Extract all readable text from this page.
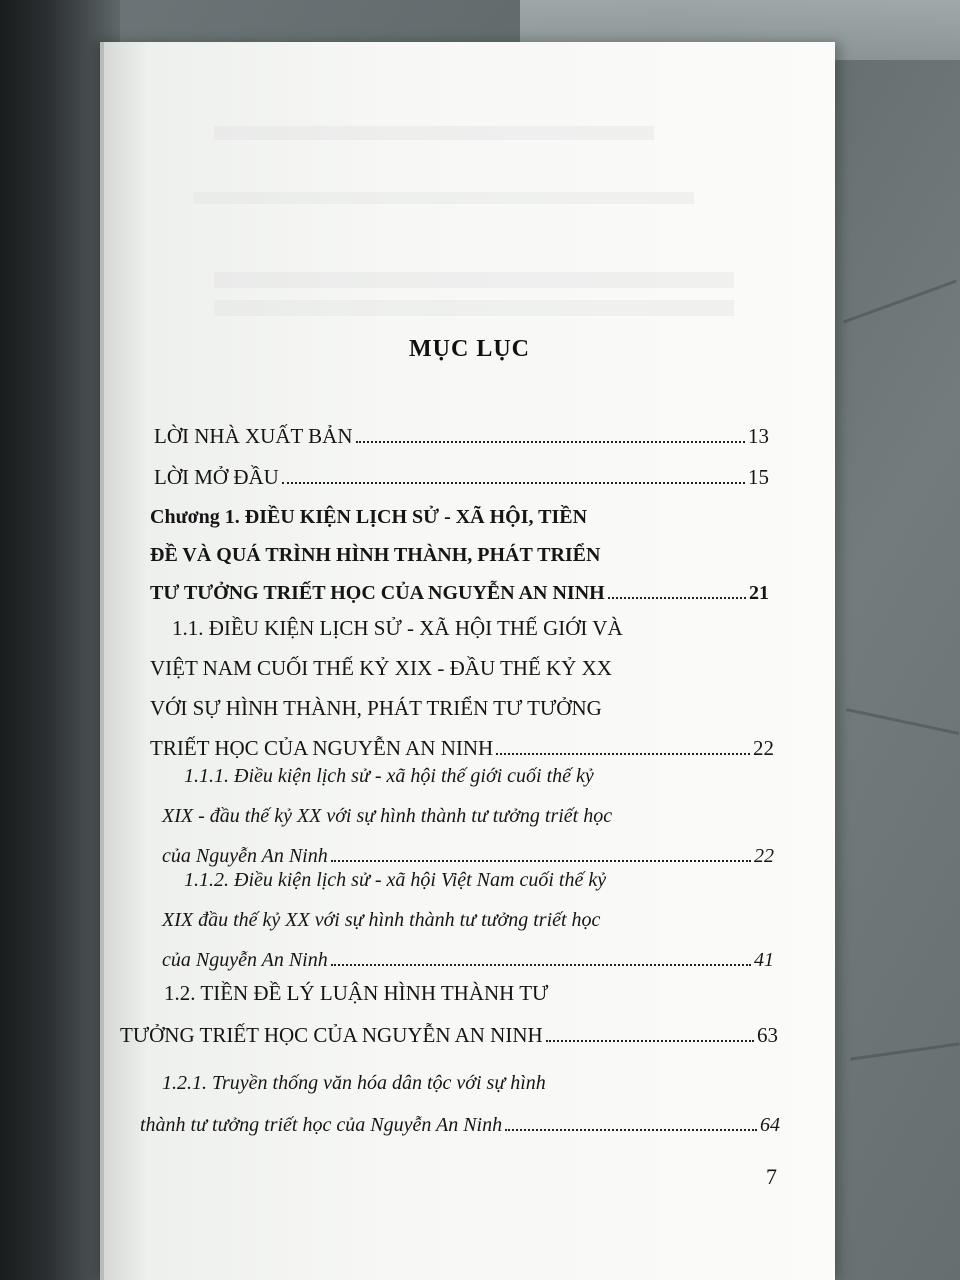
MỤC LỤC
LỜI NHÀ XUẤT BẢN	13
LỜI MỞ ĐẦU	15
Chương 1. ĐIỀU KIỆN LỊCH SỬ - XÃ HỘI, TIỀN
ĐỀ VÀ QUÁ TRÌNH HÌNH THÀNH, PHÁT TRIỂN
TƯ TƯỞNG TRIẾT HỌC CỦA NGUYỄN AN NINH	21
1.1. ĐIỀU KIỆN LỊCH SỬ - XÃ HỘI THẾ GIỚI VÀ
VIỆT NAM CUỐI THẾ KỶ XIX - ĐẦU THẾ KỶ XX
VỚI SỰ HÌNH THÀNH, PHÁT TRIỂN TƯ TƯỞNG
TRIẾT HỌC CỦA NGUYỄN AN NINH	22
1.1.1. Điều kiện lịch sử - xã hội thế giới cuối thế kỷ
XIX - đầu thế kỷ XX với sự hình thành tư tưởng triết học
của Nguyễn An Ninh	22
1.1.2. Điều kiện lịch sử - xã hội Việt Nam cuối thế kỷ
XIX đầu thế kỷ XX với sự hình thành tư tưởng triết học
của Nguyễn An Ninh	41
1.2. TIỀN ĐỀ LÝ LUẬN HÌNH THÀNH TƯ
TƯỞNG TRIẾT HỌC CỦA NGUYỄN AN NINH	63
1.2.1. Truyền thống văn hóa dân tộc với sự hình
thành tư tưởng triết học của Nguyễn An Ninh	64
7
